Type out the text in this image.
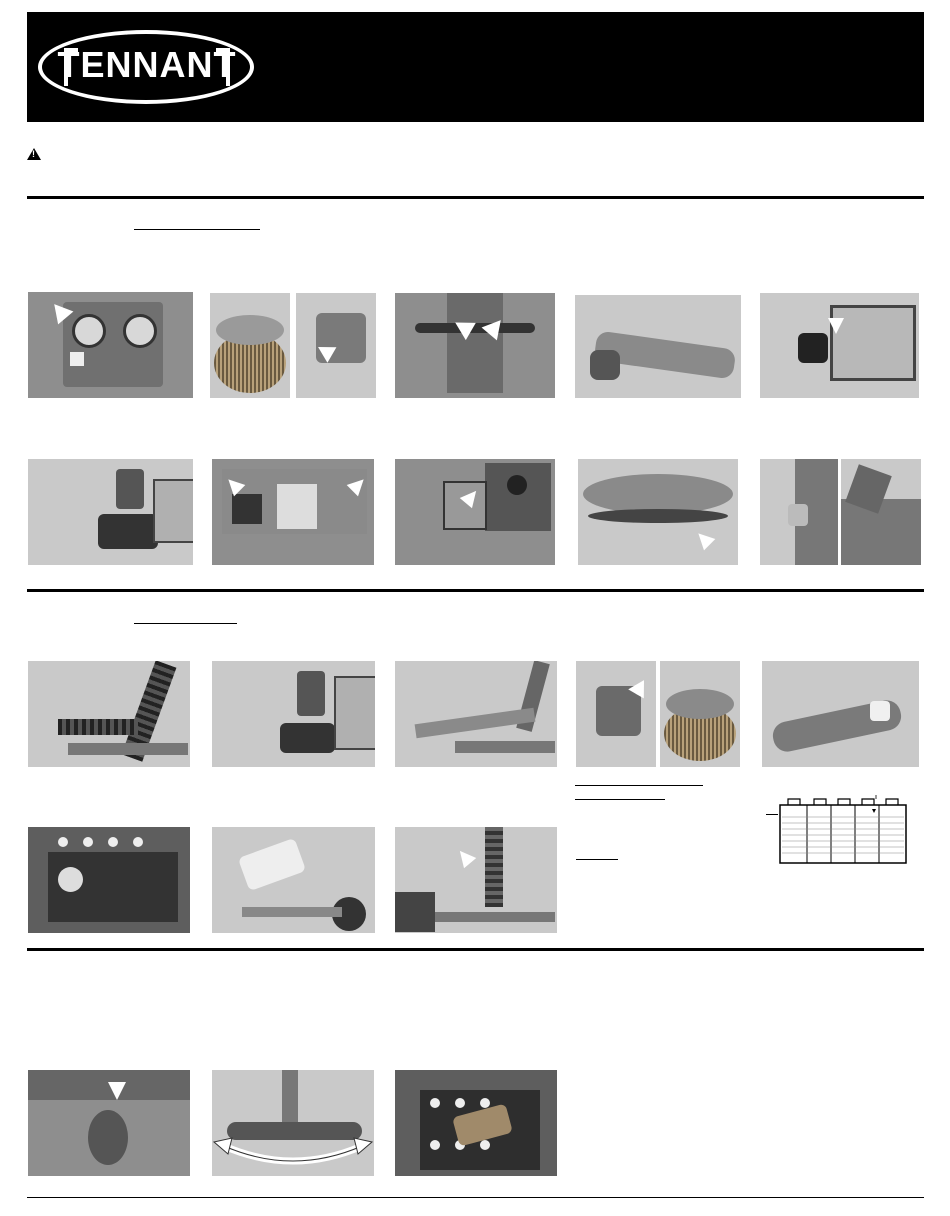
TENNANT
!
